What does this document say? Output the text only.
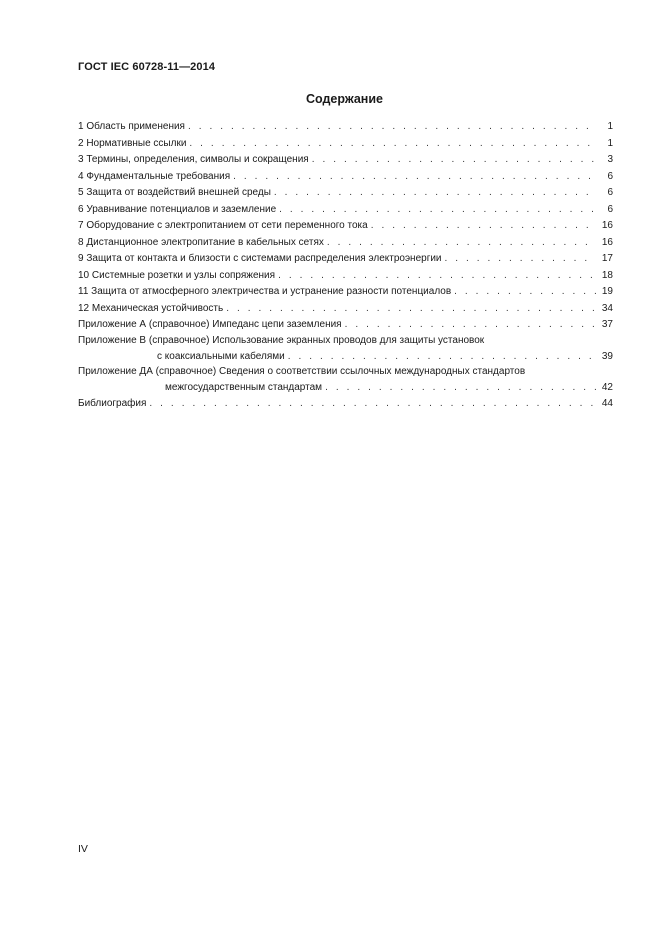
ГОСТ IEC 60728-11—2014
Содержание
1 Область применения . . .	1
2 Нормативные ссылки . . .	1
3 Термины, определения, символы и сокращения . . .	3
4 Фундаментальные требования . . .	6
5 Защита от воздействий внешней среды . . .	6
6 Уравнивание потенциалов и заземление . . .	6
7 Оборудование с электропитанием от сети переменного тока . . .	16
8 Дистанционное электропитание в кабельных сетях . . .	16
9 Защита от контакта и близости с системами распределения электроэнергии . . .	17
10 Системные розетки и узлы сопряжения . . .	18
11 Защита от атмосферного электричества и устранение разности потенциалов . . .	19
12 Механическая устойчивость . . .	34
Приложение А (справочное) Импеданс цепи заземления . . .	37
Приложение В (справочное) Использование экранных проводов для защиты установок
с коаксиальными кабелями . . .	39
Приложение ДА (справочное) Сведения о соответствии ссылочных международных стандартов
межгосударственным стандартам . . .	42
Библиография . . .	44
IV
